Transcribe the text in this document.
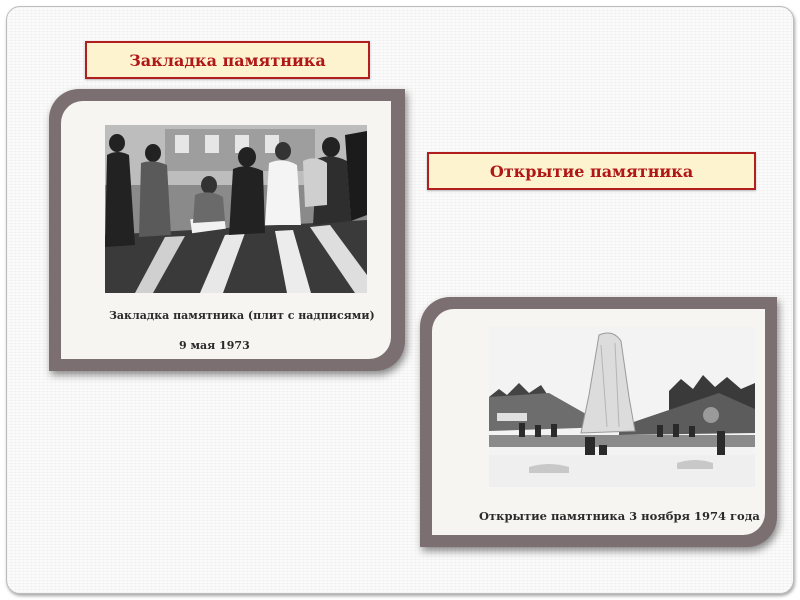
Закладка памятника
Открытие памятника
Закладка памятника (плит с надписями)
9 мая 1973
Открытие памятника 3 ноября 1974 года
